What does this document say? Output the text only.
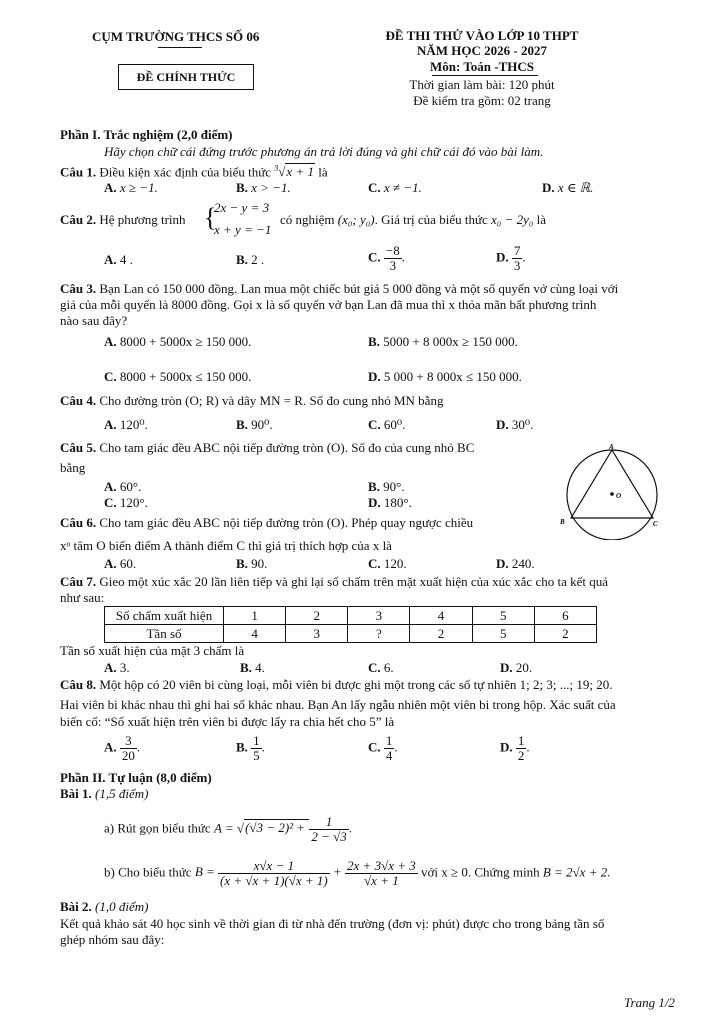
CỤM TRƯỜNG THCS SỐ 06
ĐỀ CHÍNH THỨC
ĐỀ THI THỬ VÀO LỚP 10 THPT
NĂM HỌC 2026 - 2027
Môn: Toán -THCS
Thời gian làm bài: 120 phút
Đề kiểm tra gồm: 02 trang
Phần I. Trắc nghiệm (2,0 điểm)
Hãy chọn chữ cái đứng trước phương án trả lời đúng và ghi chữ cái đó vào bài làm.
Câu 1. Điều kiện xác định của biểu thức $^3$√x + 1 là
A. x ≥ −1.	B. x > −1.	C. x ≠ −1.	D. x ∈ ℝ.
Câu 2. Hệ phương trình {
2x − y = 3
x + y = −1
có nghiệm (x₀; y₀). Giá trị của biểu thức x₀ − 2y₀ là
A. 4 .	B. 2 .	C. $\frac{-8}{3}$ .	D. $\frac{7}{3}$ .
Câu 3. Bạn Lan có 150 000 đồng. Lan mua một chiếc bút giá 5 000 đồng và một số quyển vở cùng loại với
giá của mỗi quyển là 8000 đồng. Gọi x là số quyển vở bạn Lan đã mua thì x thỏa mãn bất phương trình
nào sau đây?
A. 8000 + 5000x ≥ 150 000.	B. 5000 + 8 000x ≥ 150 000.
C. 8000 + 5000x ≤ 150 000.	D. 5 000 + 8 000x ≤ 150 000.
Câu 4. Cho đường tròn (O; R) và dây MN = R. Số đo cung nhỏ MN bằng
A. 120⁰.	B. 90⁰.	C. 60⁰.	D. 30⁰.
Câu 5. Cho tam giác đều ABC nội tiếp đường tròn (O). Số đo của cung nhỏ BC
bằng
A. 60°.	B. 90°.
C. 120°.	D. 180°.
A
B	C
O
Câu 6. Cho tam giác đều ABC nội tiếp đường tròn (O). Phép quay ngược chiều
xᵒ tâm O biến điểm A thành điểm C thì giá trị thích hợp của x là
A. 60.	B. 90.	C. 120.	D. 240.
Câu 7. Gieo một xúc xắc 20 lần liên tiếp và ghi lại số chấm trên mặt xuất hiện của xúc xắc cho ta kết quả
như sau:
Số chấm xuất hiện	1	2	3	4	5	6
Tần số	4	3	?	2	5	2
Tần số xuất hiện của mặt 3 chấm là
A. 3.	B. 4.	C. 6.	D. 20.
Câu 8. Một hộp có 20 viên bi cùng loại, mỗi viên bi được ghi một trong các số tự nhiên 1; 2; 3; ...; 19; 20.
Hai viên bi khác nhau thì ghi hai số khác nhau. Bạn An lấy ngẫu nhiên một viên bi trong hộp. Xác suất của
biến cố: “Số xuất hiện trên viên bi được lấy ra chia hết cho 5” là
A. $\frac{3}{20}$ .	B. $\frac{1}{5}$ .	C. $\frac{1}{4}$ .	D. $\frac{1}{2}$ .
Phần II. Tự luận (8,0 điểm)
Bài 1. (1,5 điểm)
a) Rút gọn biểu thức $A = √(√3 - 2)^2 + \frac{1}{2 - √3}$ .
b) Cho biểu thức $B = \frac{x√x - 1}{(x + √x + 1)(√x + 1)} + \frac{2x + 3√x + 3}{√x + 1}$ với x ≥ 0. Chứng minh B = 2√x + 2.
Bài 2. (1,0 điểm)
Kết quả khảo sát 40 học sinh về thời gian đi từ nhà đến trường (đơn vị: phút) được cho trong bảng tần số
ghép nhóm sau đây:
Trang 1/2
